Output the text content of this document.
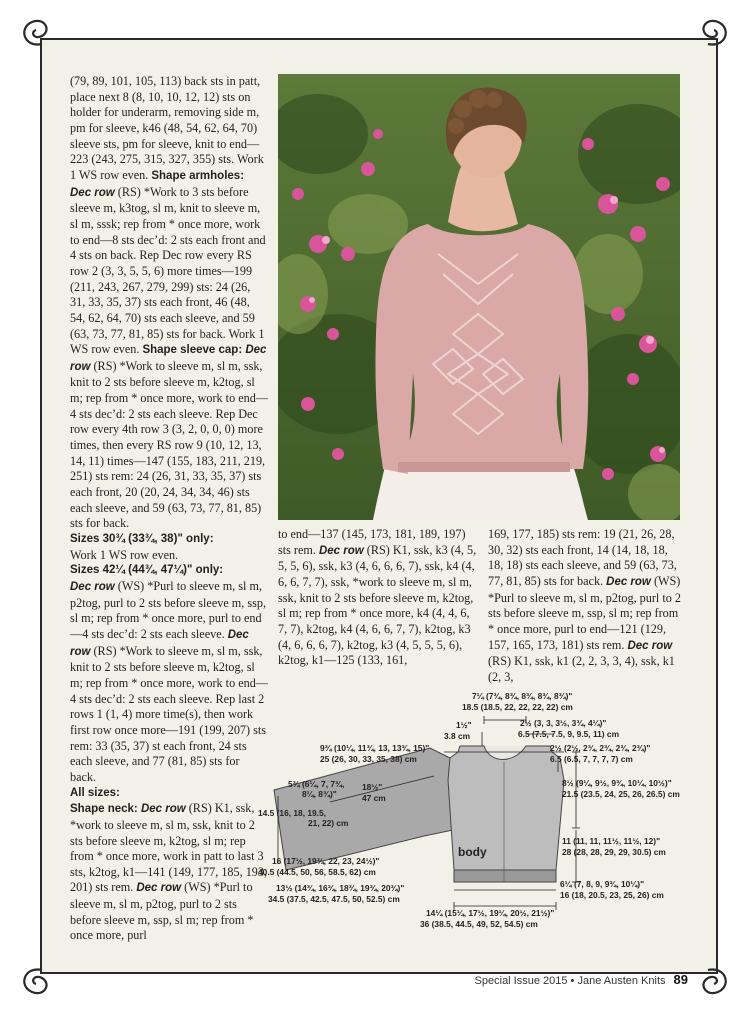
(79, 89, 101, 105, 113) back sts in patt, place next 8 (8, 10, 10, 12, 12) sts on holder for underarm, removing side m, pm for sleeve, k46 (48, 54, 62, 64, 70) sleeve sts, pm for sleeve, knit to end—223 (243, 275, 315, 327, 355) sts. Work 1 WS row even. Shape armholes: Dec row (RS) *Work to 3 sts before sleeve m, k3tog, sl m, knit to sleeve m, sl m, sssk; rep from * once more, work to end—8 sts dec’d: 2 sts each front and 4 sts on back. Rep Dec row every RS row 2 (3, 3, 5, 5, 6) more times—199 (211, 243, 267, 279, 299) sts: 24 (26, 31, 33, 35, 37) sts each front, 46 (48, 54, 62, 64, 70) sts each sleeve, and 59 (63, 73, 77, 81, 85) sts for back. Work 1 WS row even. Shape sleeve cap: Dec row (RS) *Work to sleeve m, sl m, ssk, knit to 2 sts before sleeve m, k2tog, sl m; rep from * once more, work to end—4 sts dec’d: 2 sts each sleeve. Rep Dec row every 4th row 3 (3, 2, 0, 0, 0) more times, then every RS row 9 (10, 12, 13, 14, 11) times—147 (155, 183, 211, 219, 251) sts rem: 24 (26, 31, 33, 35, 37) sts each front, 20 (20, 24, 34, 34, 46) sts each sleeve, and 59 (63, 73, 77, 81, 85) sts for back.

Sizes 30¾ (33¾, 38)" only:

Work 1 WS row even.

Sizes 42¼ (44¾, 47¼)" only:

Dec row (WS) *Purl to sleeve m, sl m, p2tog, purl to 2 sts before sleeve m, ssp, sl m; rep from * once more, purl to end—4 sts dec’d: 2 sts each sleeve. Dec row (RS) *Work to sleeve m, sl m, ssk, knit to 2 sts before sleeve m, k2tog, sl m; rep from * once more, work to end—4 sts dec’d: 2 sts each sleeve. Rep last 2 rows 1 (1, 4) more time(s), then work first row once more—191 (199, 207) sts rem: 33 (35, 37) st each front, 24 sts each sleeve, and 77 (81, 85) sts for back.

All sizes:

Shape neck: Dec row (RS) K1, ssk, *work to sleeve m, sl m, ssk, knit to 2 sts before sleeve m, k2tog, sl m; rep from * once more, work in patt to last 3 sts, k2tog, k1—141 (149, 177, 185, 193, 201) sts rem. Dec row (WS) *Purl to sleeve m, sl m, p2tog, purl to 2 sts before sleeve m, ssp, sl m; rep from * once more, purl

to end—137 (145, 173, 181, 189, 197) sts rem. Dec row (RS) K1, ssk, k3 (4, 5, 5, 5, 6), ssk, k3 (4, 6, 6, 6, 7), ssk, k4 (4, 6, 6, 7, 7), ssk, *work to sleeve m, sl m, ssk, knit to 2 sts before sleeve m, k2tog, sl m; rep from * once more, k4 (4, 4, 6, 7, 7), k2tog, k4 (4, 6, 6, 7, 7), k2tog, k3 (4, 6, 6, 6, 7), k2tog, k3 (4, 5, 5, 5, 6), k2tog, k1—125 (133, 161,

169, 177, 185) sts rem: 19 (21, 26, 28, 30, 32) sts each front, 14 (14, 18, 18, 18, 18) sts each sleeve, and 59 (63, 73, 77, 81, 85) sts for back. Dec row (WS) *Purl to sleeve m, sl m, p2tog, purl to 2 sts before sleeve m, ssp, sl m; rep from * once more, purl to end—121 (129, 157, 165, 173, 181) sts rem. Dec row (RS) K1, ssk, k1 (2, 2, 3, 3, 4), ssk, k1 (2, 3,

7¼ (7¾, 8¾, 8¾, 8¾, 8¾)"
18.5 (18.5, 22, 22, 22, 22) cm
1½"
3.8 cm
2½ (3, 3, 3½, 3¾, 4¼)"
6.5 (7.5, 7.5, 9, 9.5, 11) cm
9¾ (10¼, 11¾, 13, 13¾, 15)"
25 (26, 30, 33, 35, 38) cm
2½ (2½, 2¾, 2¾, 2¾, 2¾)"
6.5 (6.5, 7, 7, 7, 7) cm
5¾ (6¼, 7, 7¾,
8¼, 8¾)"
14.5 (16, 18, 19.5,
21, 22) cm
18½"
47 cm
8½ (9¼, 9½, 9¾, 10¼, 10½)"
21.5 (23.5, 24, 25, 26, 26.5) cm
11 (11, 11, 11½, 11½, 12)"
28 (28, 28, 29, 29, 30.5) cm
body
16 (17½, 19¾, 22, 23, 24½)"
40.5 (44.5, 50, 56, 58.5, 62) cm
6¼ (7, 8, 9, 9¾, 10¼)"
16 (18, 20.5, 23, 25, 26) cm
13½ (14¾, 16¾, 18¾, 19¾, 20¾)"
34.5 (37.5, 42.5, 47.5, 50, 52.5) cm
14¼ (15¼, 17½, 19¼, 20½, 21½)"
36 (38.5, 44.5, 49, 52, 54.5) cm
Special Issue 2015 • Jane Austen Knits 89
